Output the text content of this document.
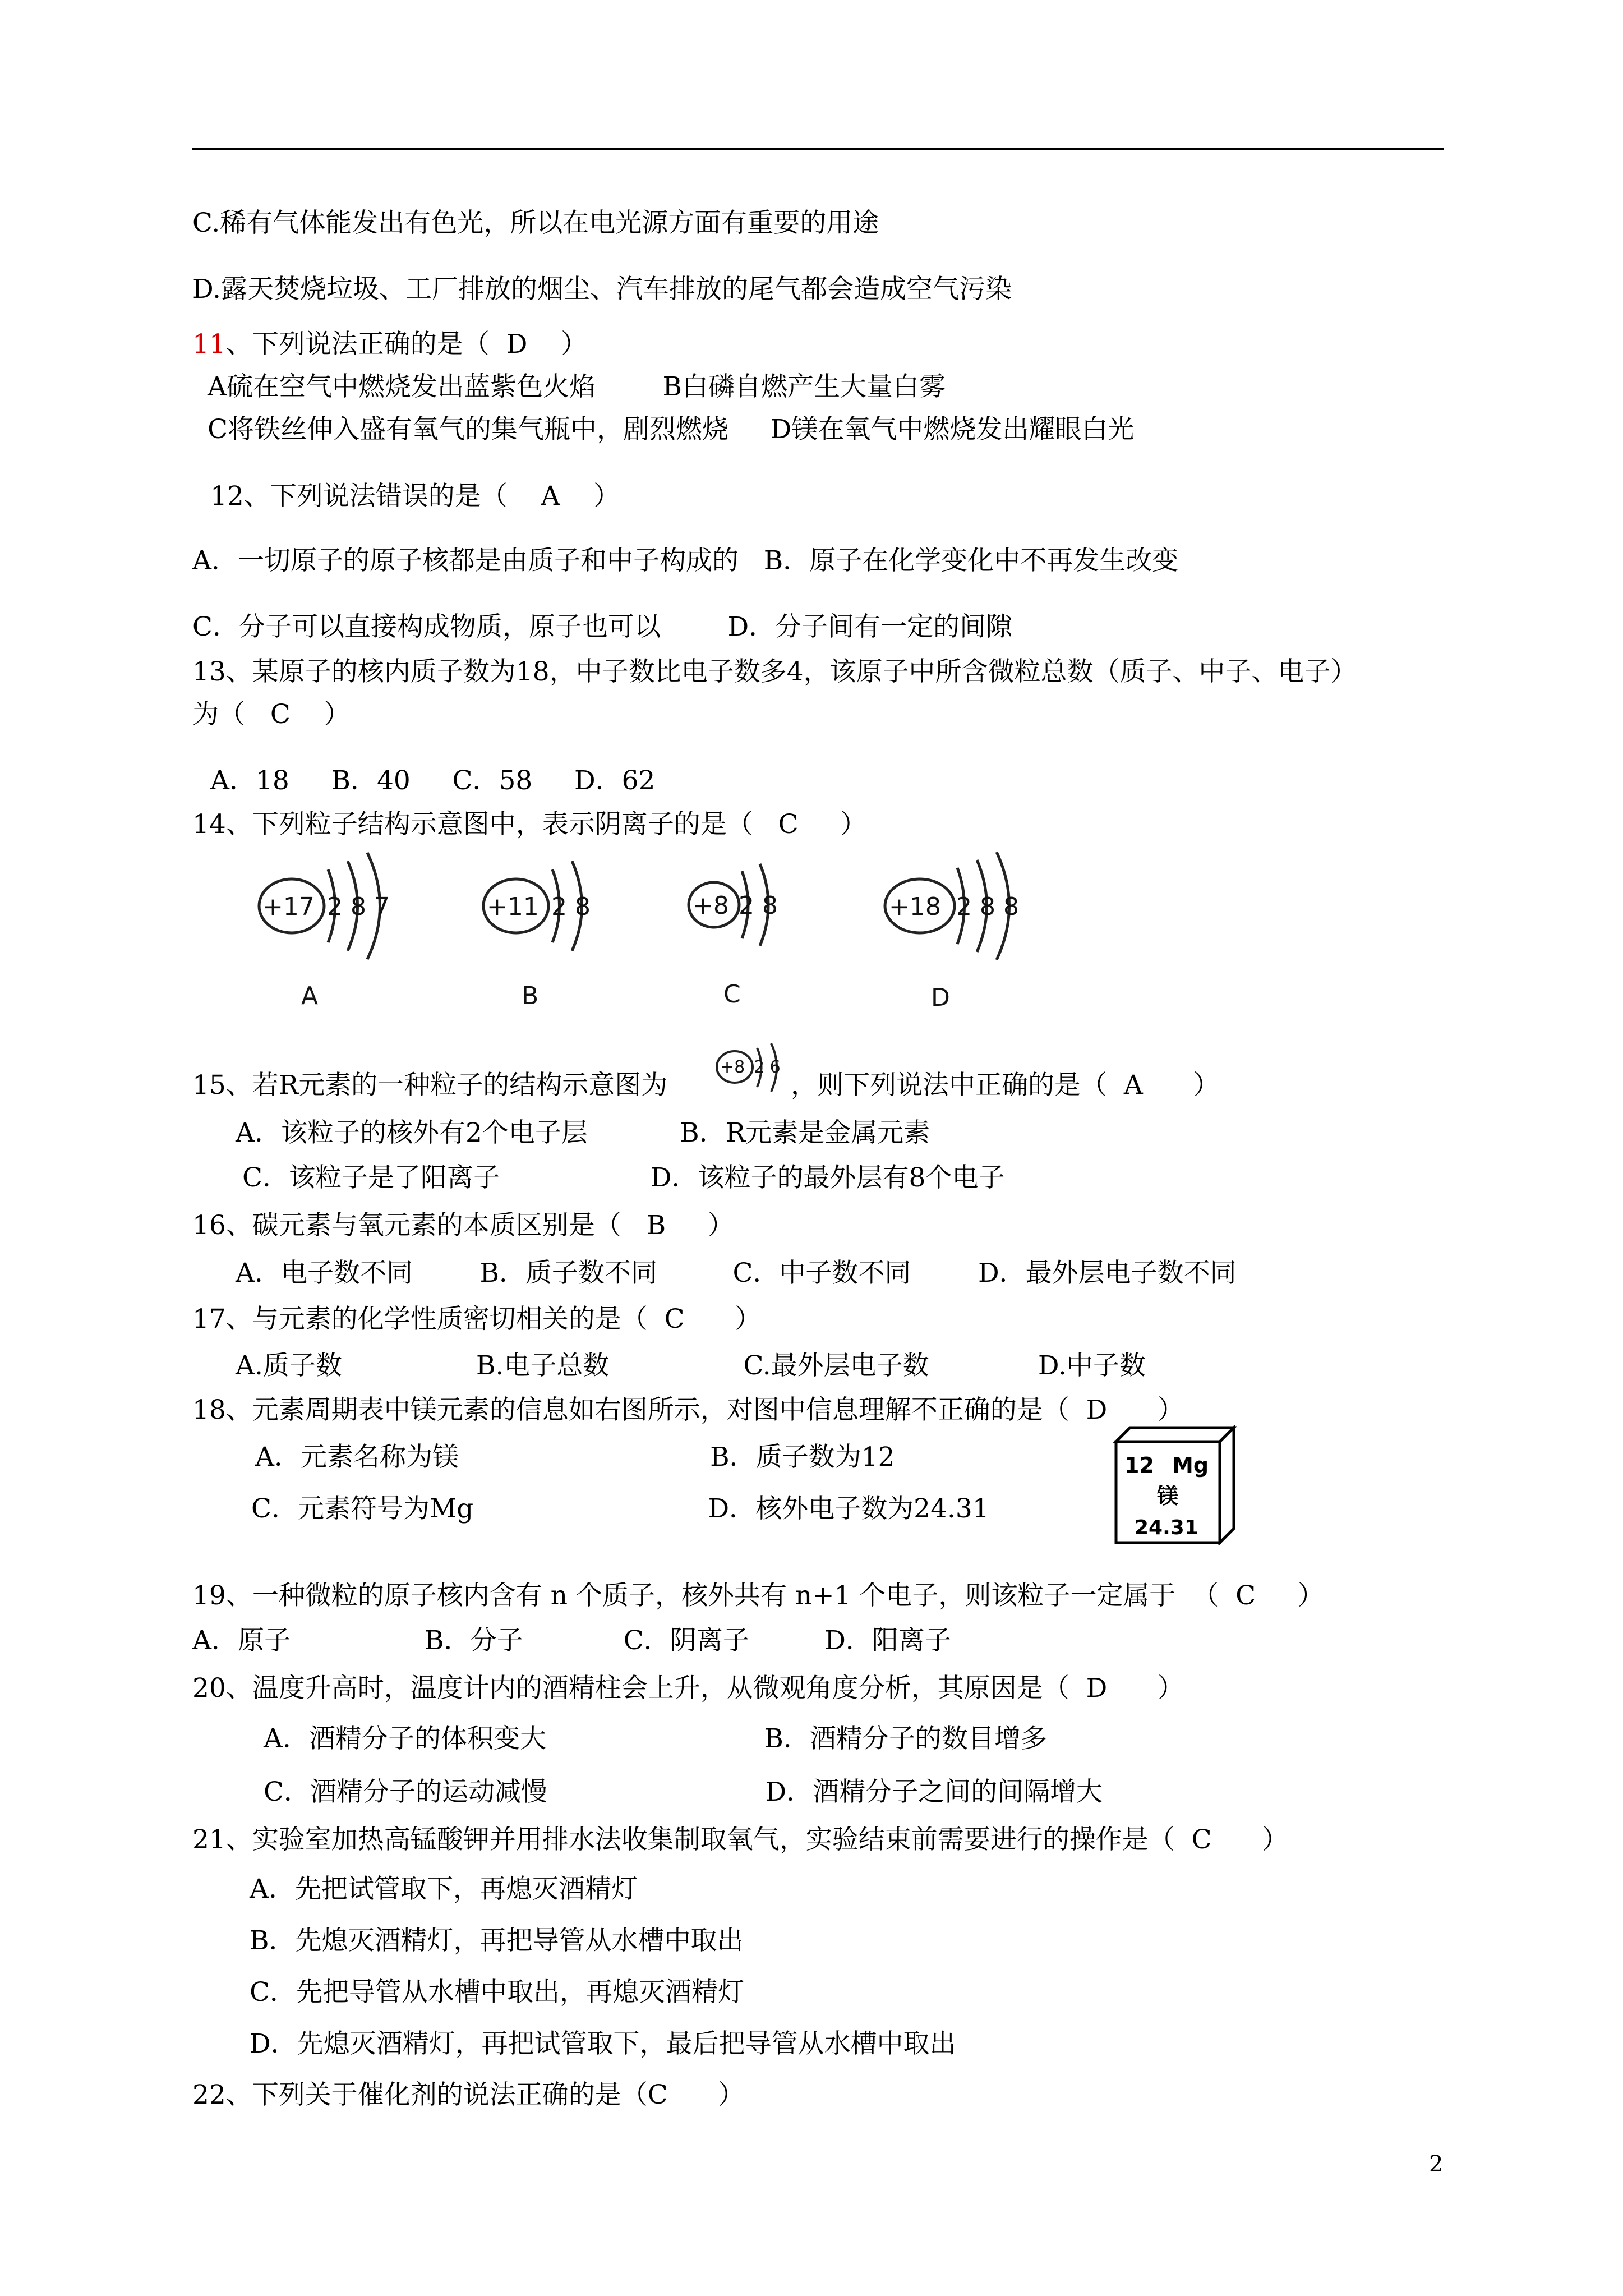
C.稀有气体能发出有色光，所以在电光源方面有重要的用途
D.露天焚烧垃圾、工厂排放的烟尘、汽车排放的尾气都会造成空气污染
11、下列说法正确的是（  D    ）
A硫在空气中燃烧发出蓝紫色火焰        B白磷自燃产生大量白雾
C将铁丝伸入盛有氧气的集气瓶中，剧烈燃烧     D镁在氧气中燃烧发出耀眼白光
12、下列说法错误的是（    A    ）
A．一切原子的原子核都是由质子和中子构成的   B．原子在化学变化中不再发生改变
C．分子可以直接构成物质，原子也可以        D．分子间有一定的间隙
13、某原子的核内质子数为18，中子数比电子数多4，该原子中所含微粒总数（质子、中子、电子）
为（   C    ）
A．18     B．40     C．58     D．62
14、下列粒子结构示意图中，表示阴离子的是（   C     ）
+17 2 8 7
A
+11 2 8
B
+8 2 8
C
+18 2 8 8
D
15、若R元素的一种粒子的结构示意图为
+8 2 6
，则下列说法中正确的是（  A      ）
A．该粒子的核外有2个电子层           B．R元素是金属元素
C．该粒子是了阳离子                  D．该粒子的最外层有8个电子
16、碳元素与氧元素的本质区别是（   B     ）
A．电子数不同        B．质子数不同         C．中子数不同        D．最外层电子数不同
17、与元素的化学性质密切相关的是（  C      ）
A.质子数                B.电子总数                C.最外层电子数             D.中子数
18、元素周期表中镁元素的信息如右图所示，对图中信息理解不正确的是（  D      ）
A．元素名称为镁                              B．质子数为12
C．元素符号为Mg                            D．核外电子数为24.31
12 Mg
镁
24.31
19、一种微粒的原子核内含有 n 个质子，核外共有 n+1 个电子，则该粒子一定属于  （  C     ）
A．原子                B．分子            C．阴离子         D．阳离子
20、温度升高时，温度计内的酒精柱会上升，从微观角度分析，其原因是（  D      ）
A．酒精分子的体积变大                          B．酒精分子的数目增多
C．酒精分子的运动减慢                          D．酒精分子之间的间隔增大
21、实验室加热高锰酸钾并用排水法收集制取氧气，实验结束前需要进行的操作是（  C      ）
A．先把试管取下，再熄灭酒精灯
B．先熄灭酒精灯，再把导管从水槽中取出
C．先把导管从水槽中取出，再熄灭酒精灯
D．先熄灭酒精灯，再把试管取下，最后把导管从水槽中取出
22、下列关于催化剂的说法正确的是（C      ）
2
